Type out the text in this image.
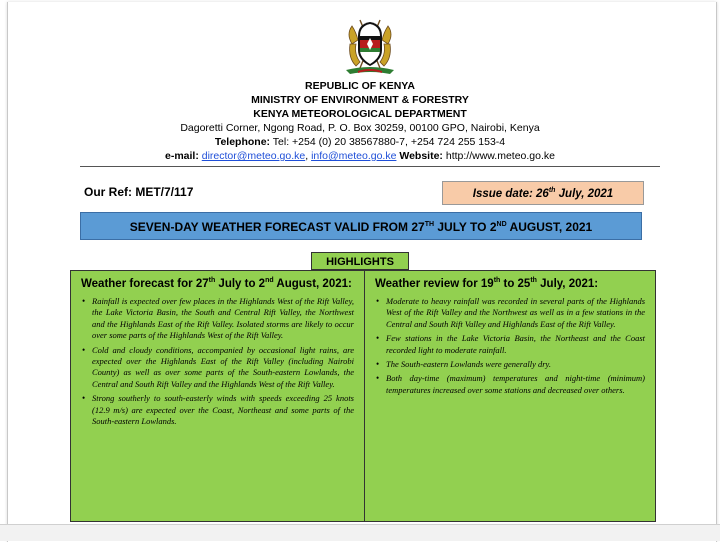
REPUBLIC OF KENYA
MINISTRY OF ENVIRONMENT & FORESTRY
KENYA METEOROLOGICAL DEPARTMENT
Dagoretti Corner, Ngong Road, P. O. Box 30259, 00100 GPO, Nairobi, Kenya
Telephone: Tel: +254 (0) 20 38567880-7, +254 724 255 153-4
e-mail: director@meteo.go.ke, info@meteo.go.ke Website: http://www.meteo.go.ke
Our Ref: MET/7/117	Issue date: 26th July, 2021
SEVEN-DAY WEATHER FORECAST VALID FROM 27TH JULY TO 2ND AUGUST, 2021
HIGHLIGHTS
Weather forecast for 27th July to 2nd August, 2021:
• Rainfall is expected over few places in the Highlands West of the Rift Valley, the Lake Victoria Basin, the South and Central Rift Valley, the Northwest and the Highlands East of the Rift Valley. Isolated storms are likely to occur over some parts of the Highlands West of the Rift Valley.
• Cold and cloudy conditions, accompanied by occasional light rains, are expected over the Highlands East of the Rift Valley (including Nairobi County) as well as over some parts of the South-eastern Lowlands, the Central and South Rift Valley and the Highlands West of the Rift Valley.
• Strong southerly to south-easterly winds with speeds exceeding 25 knots (12.9 m/s) are expected over the Coast, Northeast and some parts of the South-eastern Lowlands.
Weather review for 19th to 25th July, 2021:
• Moderate to heavy rainfall was recorded in several parts of the Highlands West of the Rift Valley and the Northwest as well as in a few stations in the Central and South Rift Valley and Highlands East of the Rift Valley.
• Few stations in the Lake Victoria Basin, the Northeast and the Coast recorded light to moderate rainfall.
• The South-eastern Lowlands were generally dry.
• Both day-time (maximum) temperatures and night-time (minimum) temperatures increased over some stations and decreased over others.
